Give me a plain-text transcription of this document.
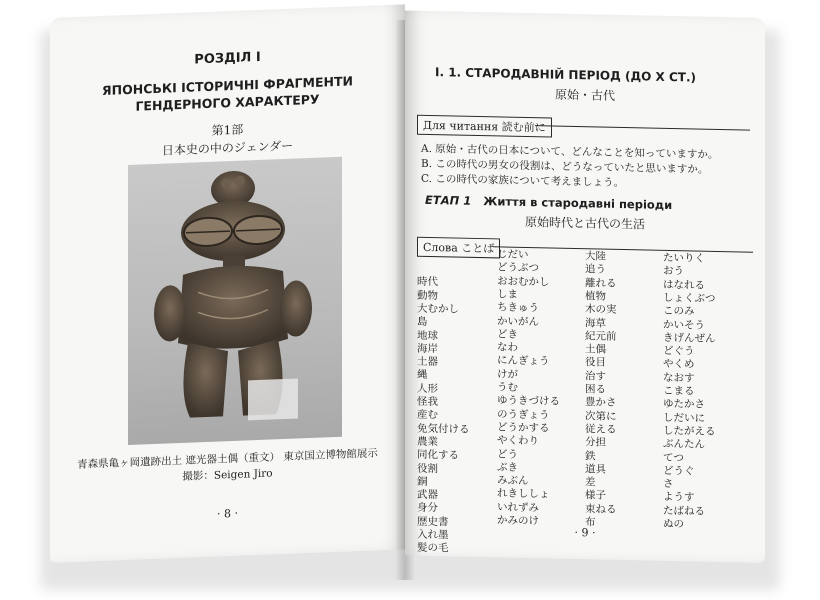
РОЗДІЛ І
ЯПОНСЬКІ ІСТОРИЧНІ ФРАГМЕНТИ
ГЕНДЕРНОГО ХАРАКТЕРУ
第1部
日本史の中のジェンダー
青森県亀ヶ岡遺跡出土 遮光器土偶（重文） 東京国立博物館展示
撮影：Seigen Jiro
· 8 ·
І. 1. СТАРОДАВНІЙ ПЕРІОД (ДО Х СТ.)
原始・古代
Для читання 読む前に
A. 原始・古代の日本について、どんなことを知っていますか。
B. この時代の男女の役割は、どうなっていたと思いますか。
C. この時代の家族について考えましょう。
ЕТАП 1 Життя в стародавні періоди
原始時代と古代の生活
Слова ことば
時代
動物
大むかし
島
地球
海岸
土器
縄
人形
怪我
産む
免気付ける
農業
同化する
役割
銅
武器
身分
歴史書
入れ墨
髪の毛
じだい
どうぶつ
おおむかし
しま
ちきゅう
かいがん
どき
なわ
にんぎょう
けが
うむ
ゆうきづける
のうぎょう
どうかする
やくわり
どう
ぶき
みぶん
れきししょ
いれずみ
かみのけ
大陸
追う
離れる
植物
木の実
海草
紀元前
土偶
役目
治す
困る
豊かさ
次第に
従える
分担
鉄
道具
差
様子
束ねる
布
たいりく
おう
はなれる
しょくぶつ
このみ
かいそう
きげんぜん
どぐう
やくめ
なおす
こまる
ゆたかさ
しだいに
したがえる
ぶんたん
てつ
どうぐ
さ
ようす
たばねる
ぬの
· 9 ·
